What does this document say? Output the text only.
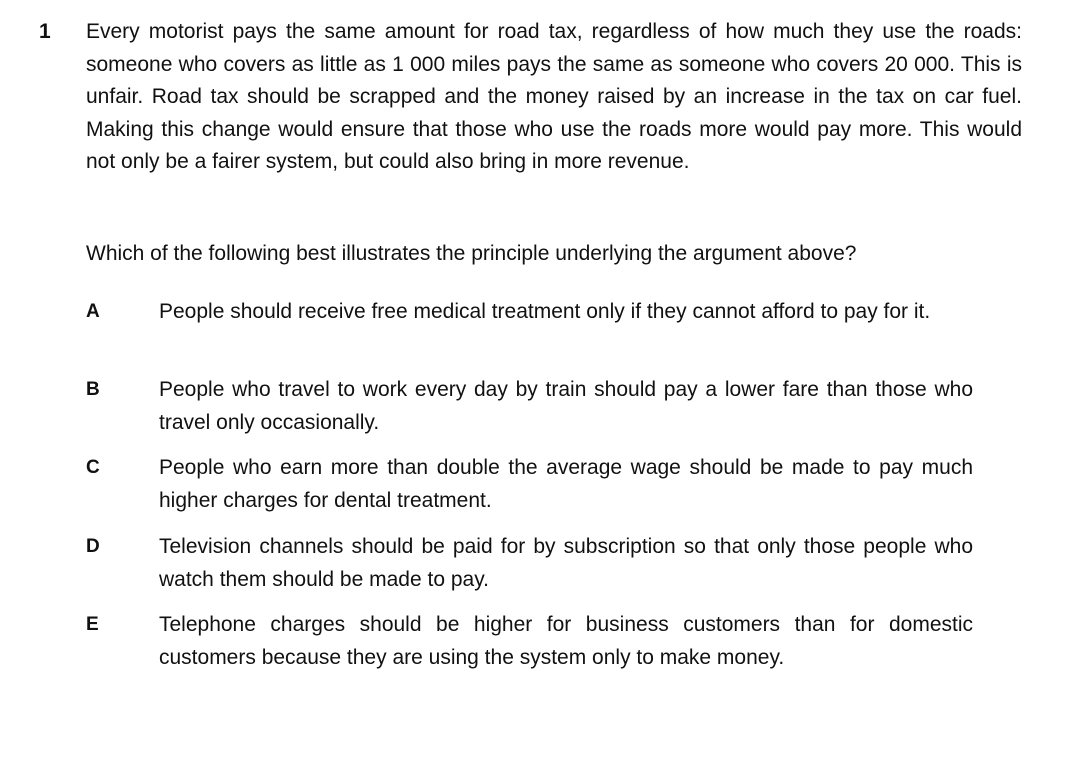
1 Every motorist pays the same amount for road tax, regardless of how much they use the roads: someone who covers as little as 1 000 miles pays the same as someone who covers 20 000. This is unfair. Road tax should be scrapped and the money raised by an increase in the tax on car fuel. Making this change would ensure that those who use the roads more would pay more. This would not only be a fairer system, but could also bring in more revenue.

Which of the following best illustrates the principle underlying the argument above?

A	People should receive free medical treatment only if they cannot afford to pay for it.

B	People who travel to work every day by train should pay a lower fare than those who travel only occasionally.

C	People who earn more than double the average wage should be made to pay much higher charges for dental treatment.

D	Television channels should be paid for by subscription so that only those people who watch them should be made to pay.

E	Telephone charges should be higher for business customers than for domestic customers because they are using the system only to make money.
